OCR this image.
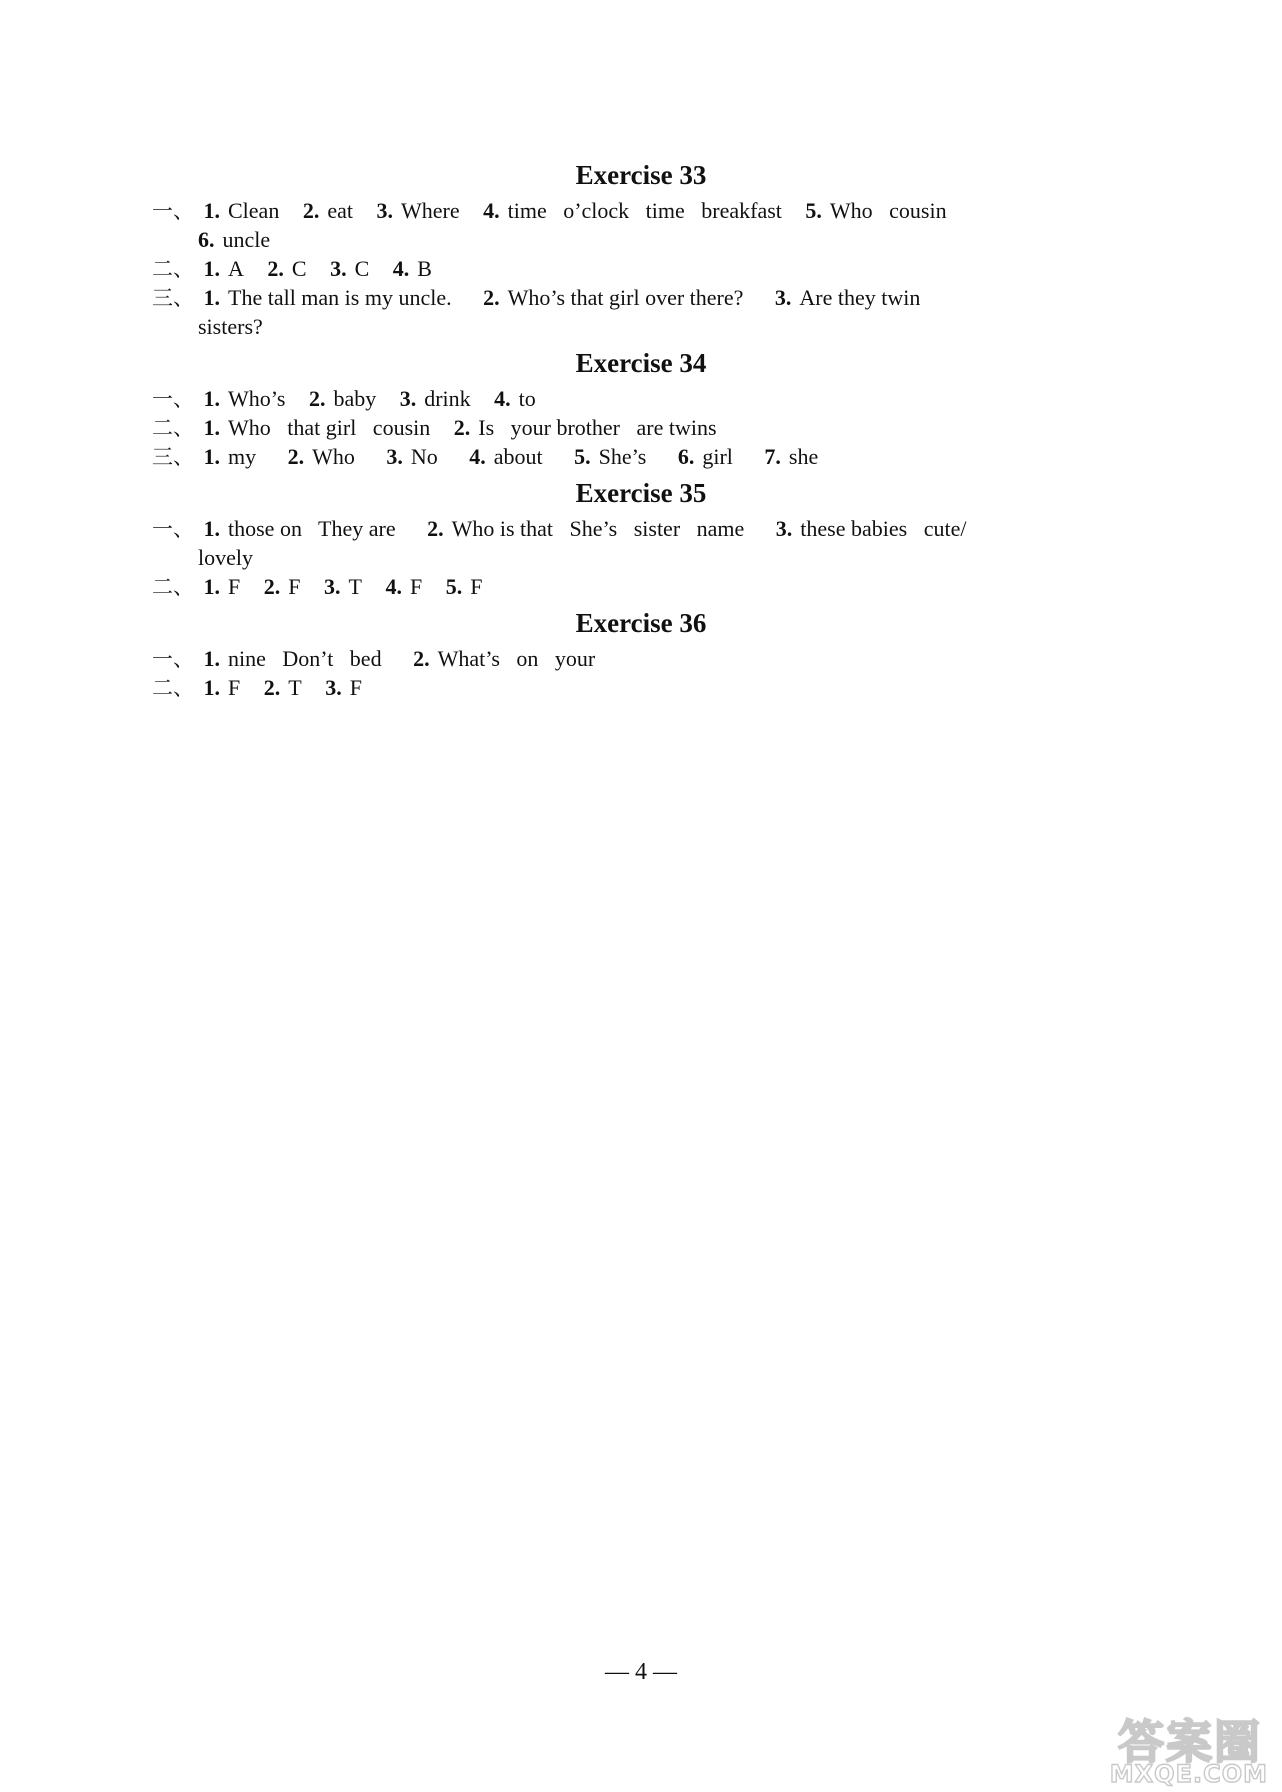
Exercise 33
一、 1. Clean 2. eat 3. Where 4. time   o’clock   time   breakfast 5. Who   cousin
6. uncle
二、 1. A 2. C 3. C 4. B
三、 1. The tall man is my uncle. 2. Who’s that girl over there? 3. Are they twin
sisters?
Exercise 34
一、 1. Who’s 2. baby 3. drink 4. to
二、 1. Who   that girl   cousin 2. Is   your brother   are twins
三、 1. my 2. Who 3. No 4. about 5. She’s 6. girl 7. she
Exercise 35
一、 1. those on   They are 2. Who is that   She’s   sister   name 3. these babies   cute/
lovely
二、 1. F 2. F 3. T 4. F 5. F
Exercise 36
一、 1. nine   Don’t   bed 2. What’s   on   your
二、 1. F 2. T 3. F
— 4 —
答案圈
MXQE.COM
